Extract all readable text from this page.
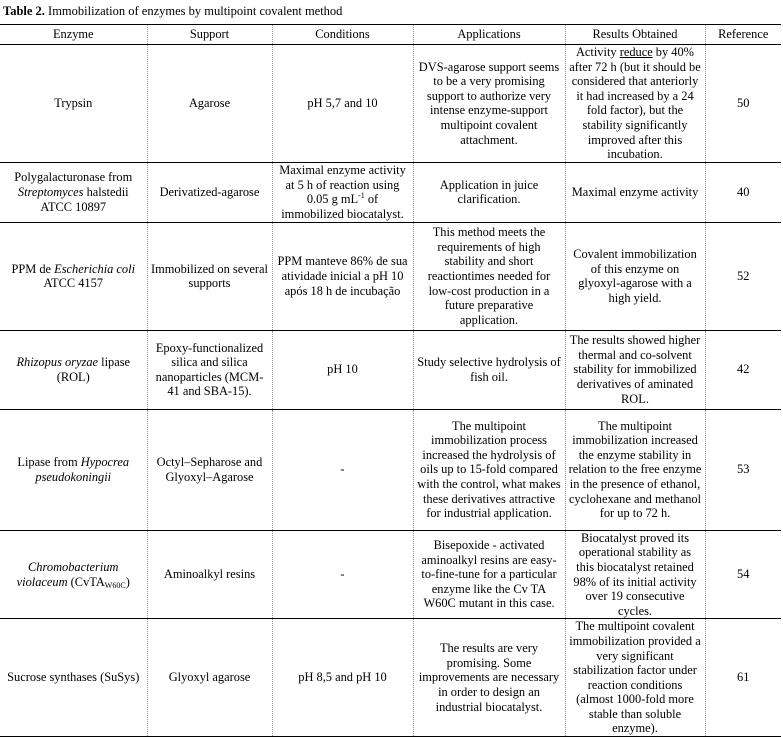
Table 2. Immobilization of enzymes by multipoint covalent method
Enzyme	Support	Conditions	Applications	Results Obtained	Reference
Trypsin	Agarose	pH 5,7 and 10	DVS-agarose support seems to be a very promising support to authorize very intense enzyme-support multipoint covalent attachment.	Activity reduce by 40% after 72 h (but it should be considered that anteriorly it had increased by a 24 fold factor), but the stability significantly improved after this incubation.	50
Polygalacturonase from Streptomyces halstedii ATCC 10897	Derivatized-agarose	Maximal enzyme activity at 5 h of reaction using 0.05 g $mL^{-1}$ of immobilized biocatalyst.	Application in juice clarification.	Maximal enzyme activity	40
PPM de Escherichia coli ATCC 4157	Immobilized on several supports	PPM manteve 86% de sua atividade inicial a pH 10 após 18 h de incubação	This method meets the requirements of high stability and short reactiontimes needed for low-cost production in a future preparative application.	Covalent immobilization of this enzyme on glyoxyl-agarose with a high yield.	52
Rhizopus oryzae lipase (ROL)	Epoxy-functionalized silica and silica nanoparticles (MCM-41 and SBA-15).	pH 10	Study selective hydrolysis of fish oil.	The results showed higher thermal and co-solvent stability for immobilized derivatives of aminated ROL.	42
Lipase from Hypocrea pseudokoningii	Octyl–Sepharose and Glyoxyl–Agarose	-	The multipoint immobilization process increased the hydrolysis of oils up to 15-fold compared with the control, what makes these derivatives attractive for industrial application.	The multipoint immobilization increased the enzyme stability in relation to the free enzyme in the presence of ethanol, cyclohexane and methanol for up to 72 h.	53
Chromobacterium violaceum (CvTA$_{W60C}$)	Aminoalkyl resins	-	Bisepoxide - activated aminoalkyl resins are easy-to-fine-tune for a particular enzyme like the Cv TA W60C mutant in this case.	Biocatalyst proved its operational stability as this biocatalyst retained 98% of its initial activity over 19 consecutive cycles.	54
Sucrose synthases (SuSys)	Glyoxyl agarose	pH 8,5 and pH 10	The results are very promising. Some improvements are necessary in order to design an industrial biocatalyst.	The multipoint covalent immobilization provided a very significant stabilization factor under reaction conditions (almost 1000-fold more stable than soluble enzyme).	61
